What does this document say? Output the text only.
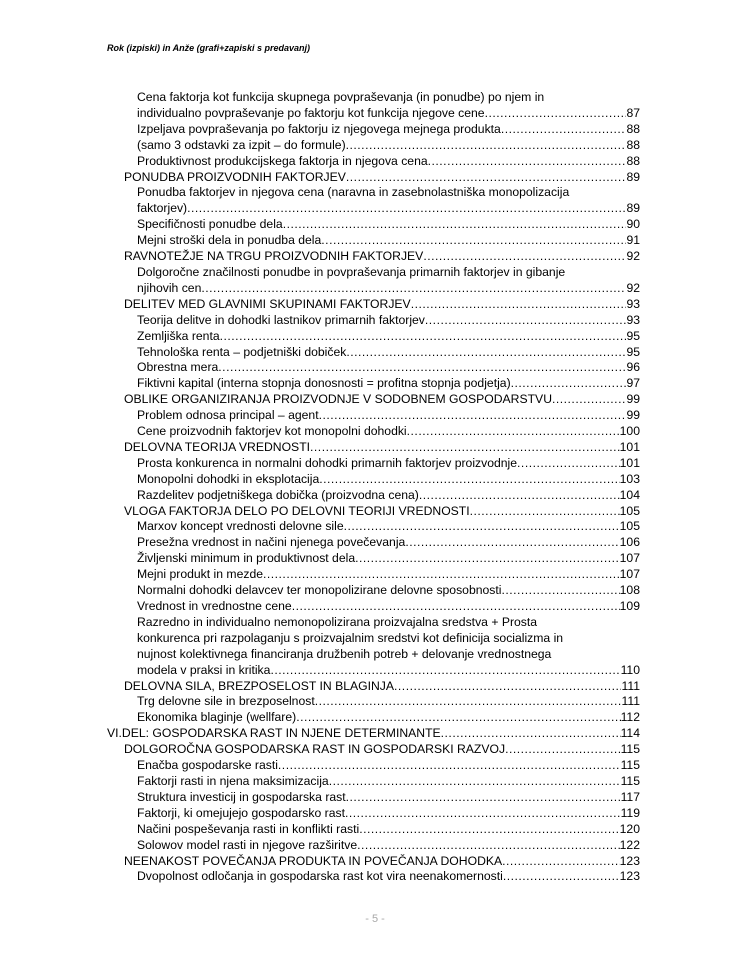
Rok (izpiski) in Anže (grafi+zapiski s predavanj)
Cena faktorja kot funkcija skupnega povpraševanja (in ponudbe) po njem in
individualno povpraševanje po faktorju kot funkcija njegove cene .....	87
Izpeljava povpraševanja po faktorju iz njegovega mejnega produkta .....	88
(samo 3 odstavki za izpit – do formule) .....	88
Produktivnost produkcijskega faktorja in njegova cena .....	88
PONUDBA PROIZVODNIH FAKTORJEV .....	89
Ponudba faktorjev in njegova cena (naravna in zasebnolastniška monopolizacija
faktorjev) .....	89
Specifičnosti ponudbe dela .....	90
Mejni stroški dela in ponudba dela .....	91
RAVNOTEŽJE NA TRGU PROIZVODNIH FAKTORJEV .....	92
Dolgoročne značilnosti ponudbe in povpraševanja primarnih faktorjev in gibanje
njihovih cen .....	92
DELITEV MED GLAVNIMI SKUPINAMI FAKTORJEV .....	93
Teorija delitve in dohodki lastnikov primarnih faktorjev .....	93
Zemljiška renta .....	95
Tehnološka renta – podjetniški dobiček .....	95
Obrestna mera .....	96
Fiktivni kapital (interna stopnja donosnosti = profitna stopnja podjetja) .....	97
OBLIKE ORGANIZIRANJA PROIZVODNJE V SODOBNEM GOSPODARSTVU .....	99
Problem odnosa principal – agent .....	99
Cene proizvodnih faktorjev kot monopolni dohodki .....	100
DELOVNA TEORIJA VREDNOSTI .....	101
Prosta konkurenca in normalni dohodki primarnih faktorjev proizvodnje .....	101
Monopolni dohodki in eksplotacija .....	103
Razdelitev podjetniškega dobička (proizvodna cena) .....	104
VLOGA FAKTORJA DELO PO DELOVNI TEORIJI VREDNOSTI .....	105
Marxov koncept vrednosti delovne sile .....	105
Presežna vrednost in načini njenega povečevanja .....	106
Življenski minimum in produktivnost dela .....	107
Mejni produkt in mezde .....	107
Normalni dohodki delavcev ter monopolizirane delovne sposobnosti .....	108
Vrednost in vrednostne cene .....	109
Razredno in individualno nemonopolizirana proizvajalna sredstva + Prosta
konkurenca pri razpolaganju s proizvajalnim sredstvi kot definicija socializma in
nujnost kolektivnega financiranja družbenih potreb + delovanje vrednostnega
modela v praksi in kritika .....	110
DELOVNA SILA, BREZPOSELOST IN BLAGINJA .....	111
Trg delovne sile in brezposelnost .....	111
Ekonomika blaginje (wellfare) .....	112
VI. DEL: GOSPODARSKA RAST IN NJENE DETERMINANTE .....	114
DOLGOROČNA GOSPODARSKA RAST IN GOSPODARSKI RAZVOJ .....	115
Enačba gospodarske rasti .....	115
Faktorji rasti in njena maksimizacija .....	115
Struktura investicij in gospodarska rast .....	117
Faktorji, ki omejujejo gospodarsko rast .....	119
Načini pospeševanja rasti in konflikti rasti .....	120
Solowov model rasti in njegove razširitve .....	122
NEENAKOST POVEČANJA PRODUKTA IN POVEČANJA DOHODKA .....	123
Dvopolnost odločanja in gospodarska rast kot vira neenakomernosti .....	123
- 5 -
